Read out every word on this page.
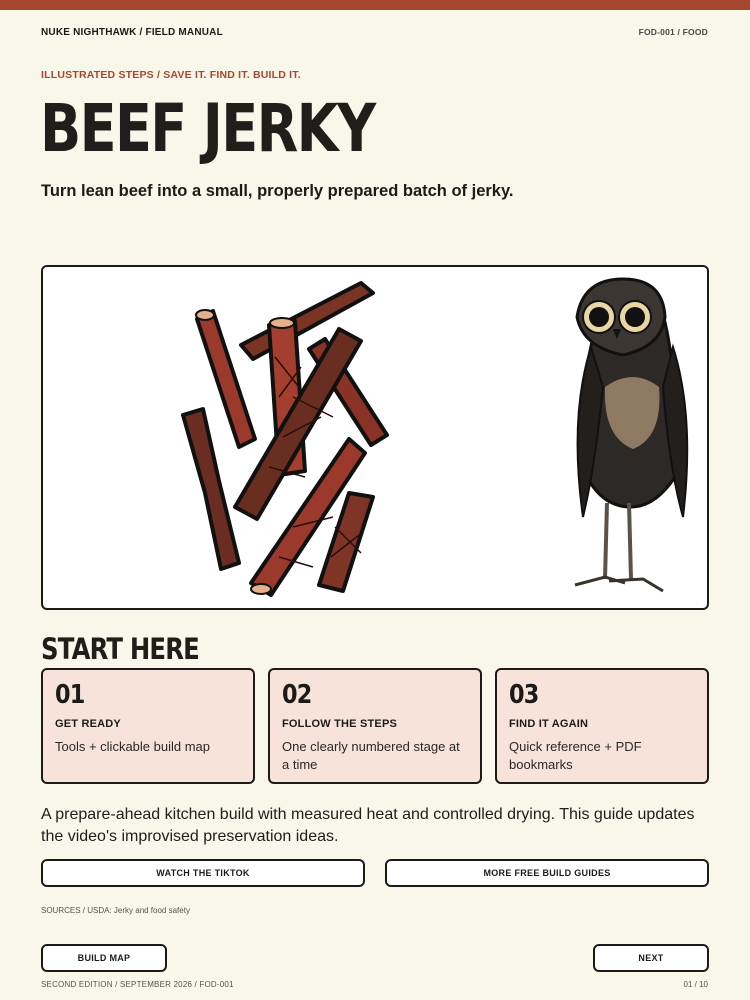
NUKE NIGHTHAWK / FIELD MANUAL	FOD-001 / FOOD
ILLUSTRATED STEPS / SAVE IT. FIND IT. BUILD IT.
BEEF JERKY
Turn lean beef into a small, properly prepared batch of jerky.
START HERE
01
GET READY
Tools + clickable build map
02
FOLLOW THE STEPS
One clearly numbered stage at a time
03
FIND IT AGAIN
Quick reference + PDF bookmarks
A prepare-ahead kitchen build with measured heat and controlled drying. This guide updates the video's improvised preservation ideas.
WATCH THE TIKTOK	MORE FREE BUILD GUIDES
SOURCES / USDA: Jerky and food safety
BUILD MAP	NEXT
SECOND EDITION / SEPTEMBER 2026 / FOD-001	01 / 10
